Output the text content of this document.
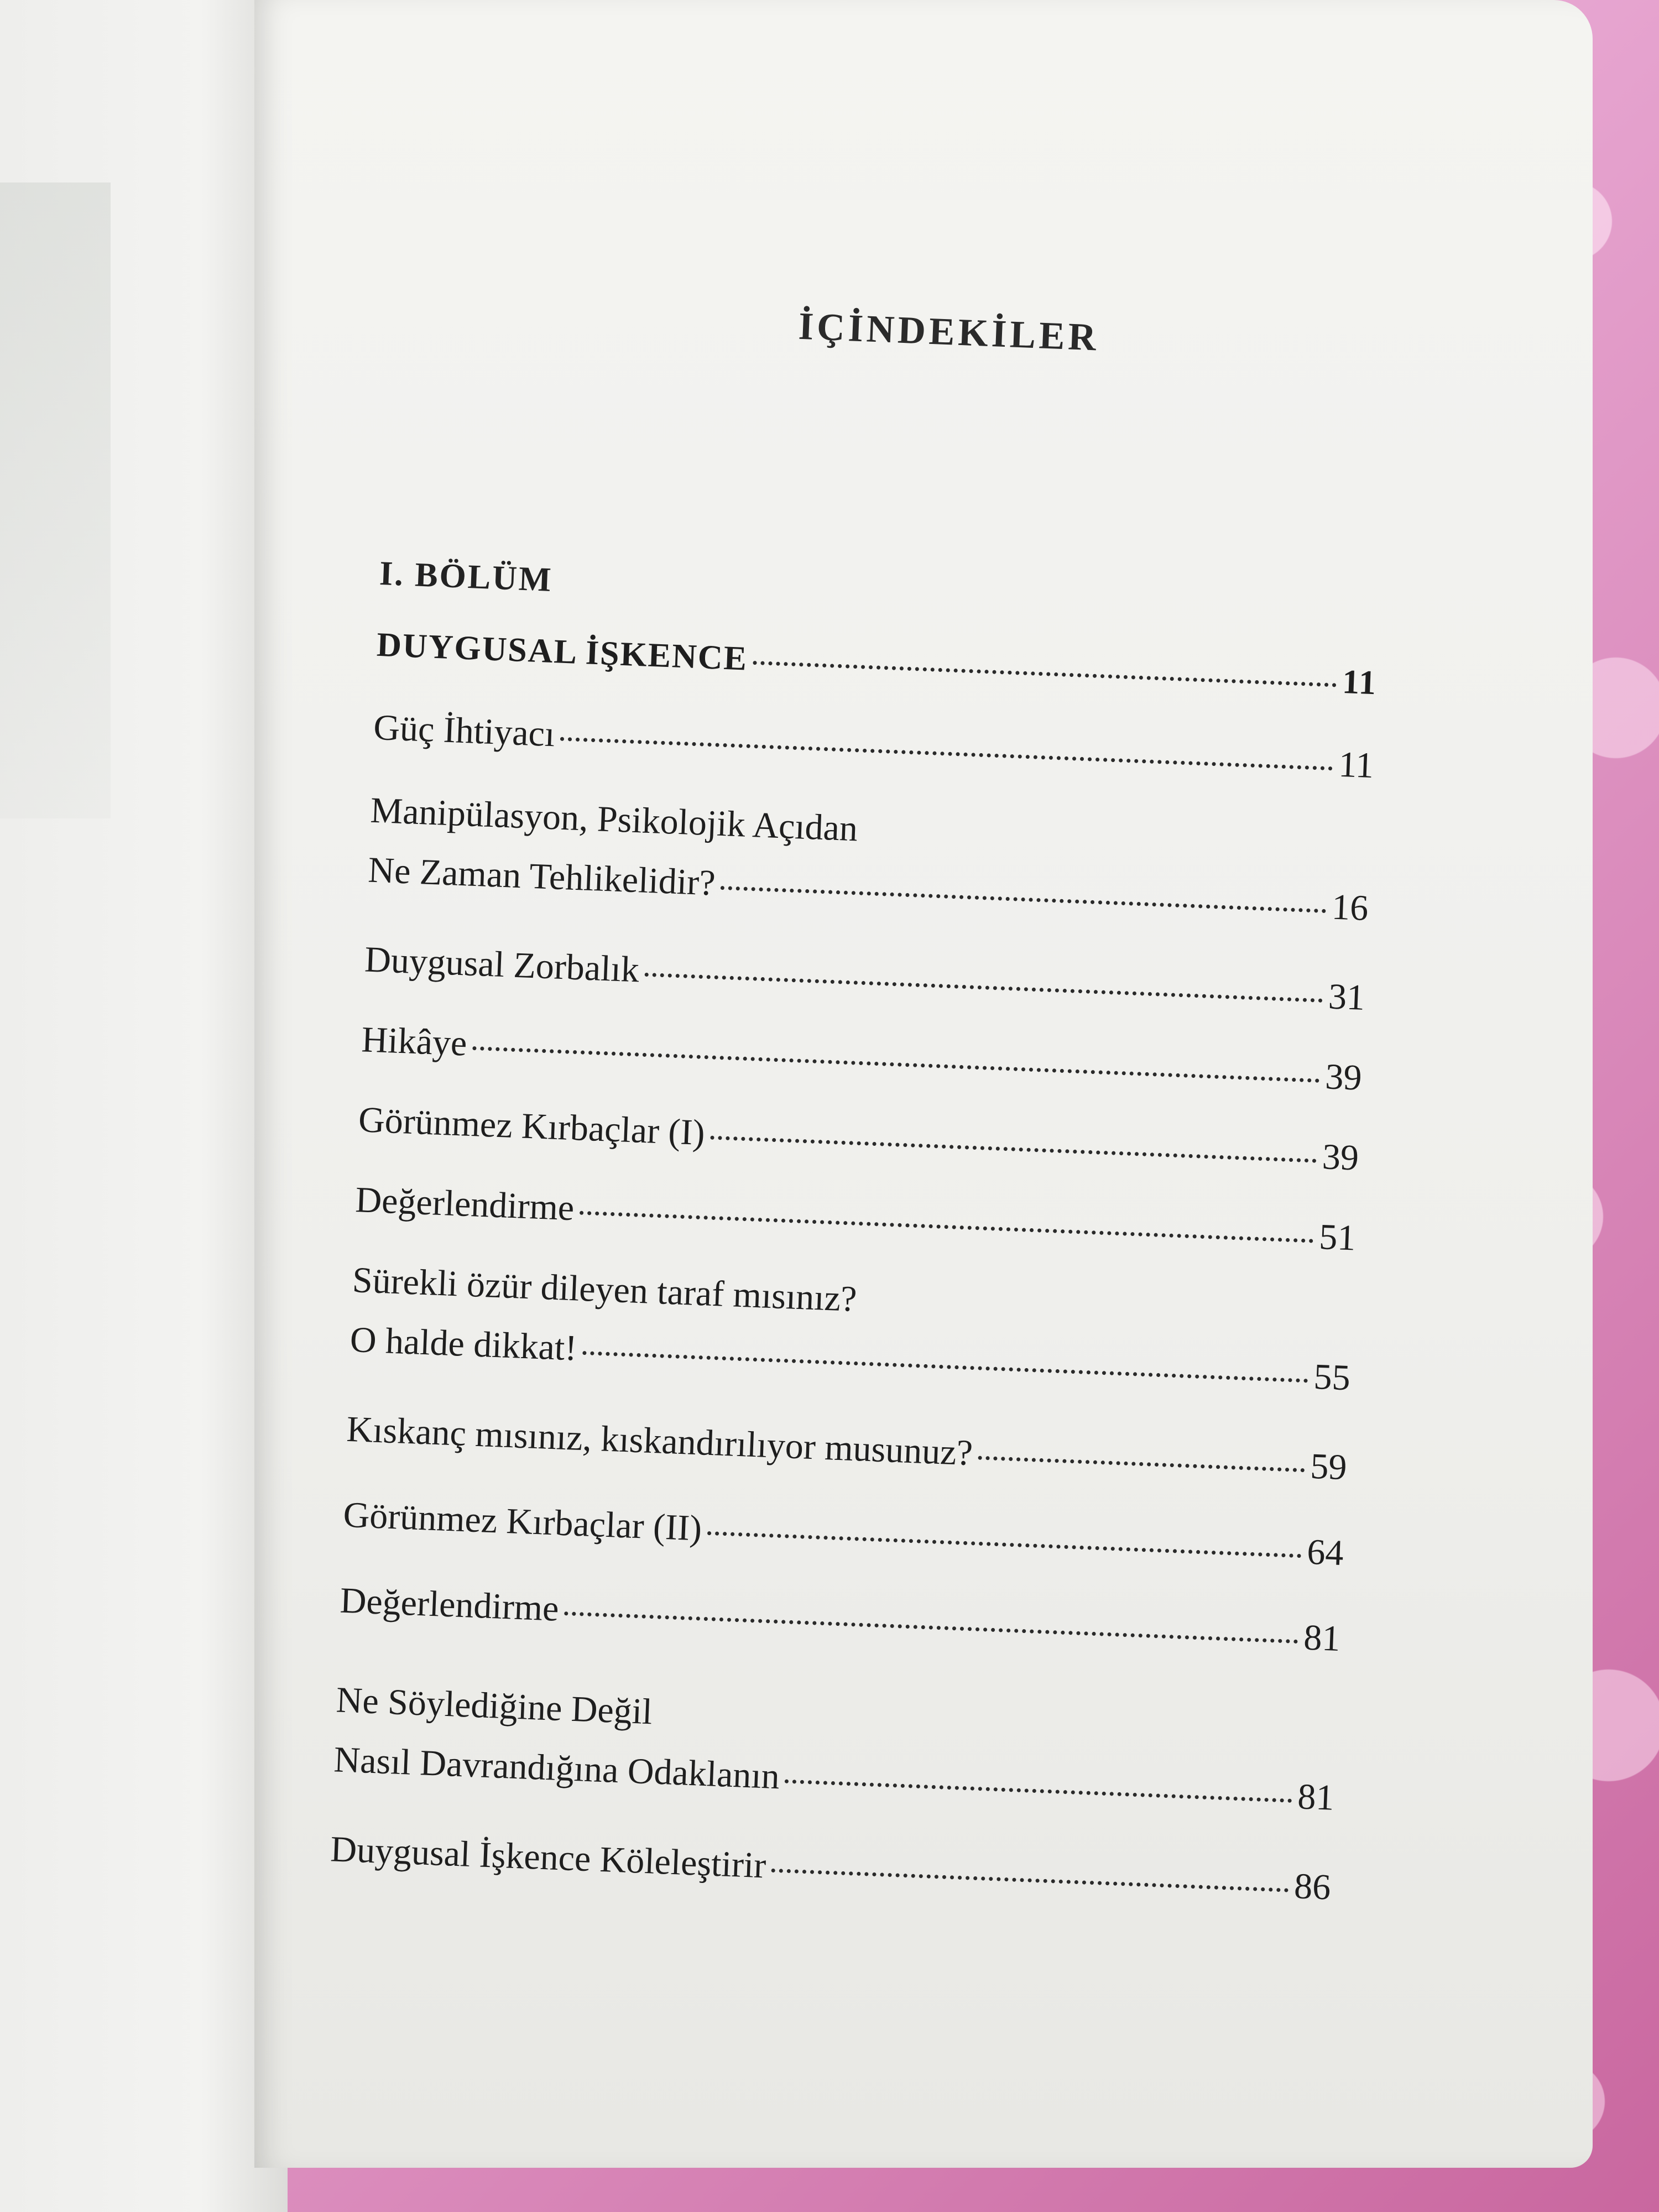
İÇİNDEKİLER
I. BÖLÜM
DUYGUSAL İŞKENCE
11
Güç İhtiyacı
11
Manipülasyon, Psikolojik Açıdan
Ne Zaman Tehlikelidir?
16
Duygusal Zorbalık
31
Hikâye
39
Görünmez Kırbaçlar (I)
39
Değerlendirme
51
Sürekli özür dileyen taraf mısınız?
O halde dikkat!
55
Kıskanç mısınız, kıskandırılıyor musunuz?	59
Görünmez Kırbaçlar (II)
64
Değerlendirme
81
Ne Söylediğine Değil
Nasıl Davrandığına Odaklanın
81
Duygusal İşkence Köleleştirir
86
